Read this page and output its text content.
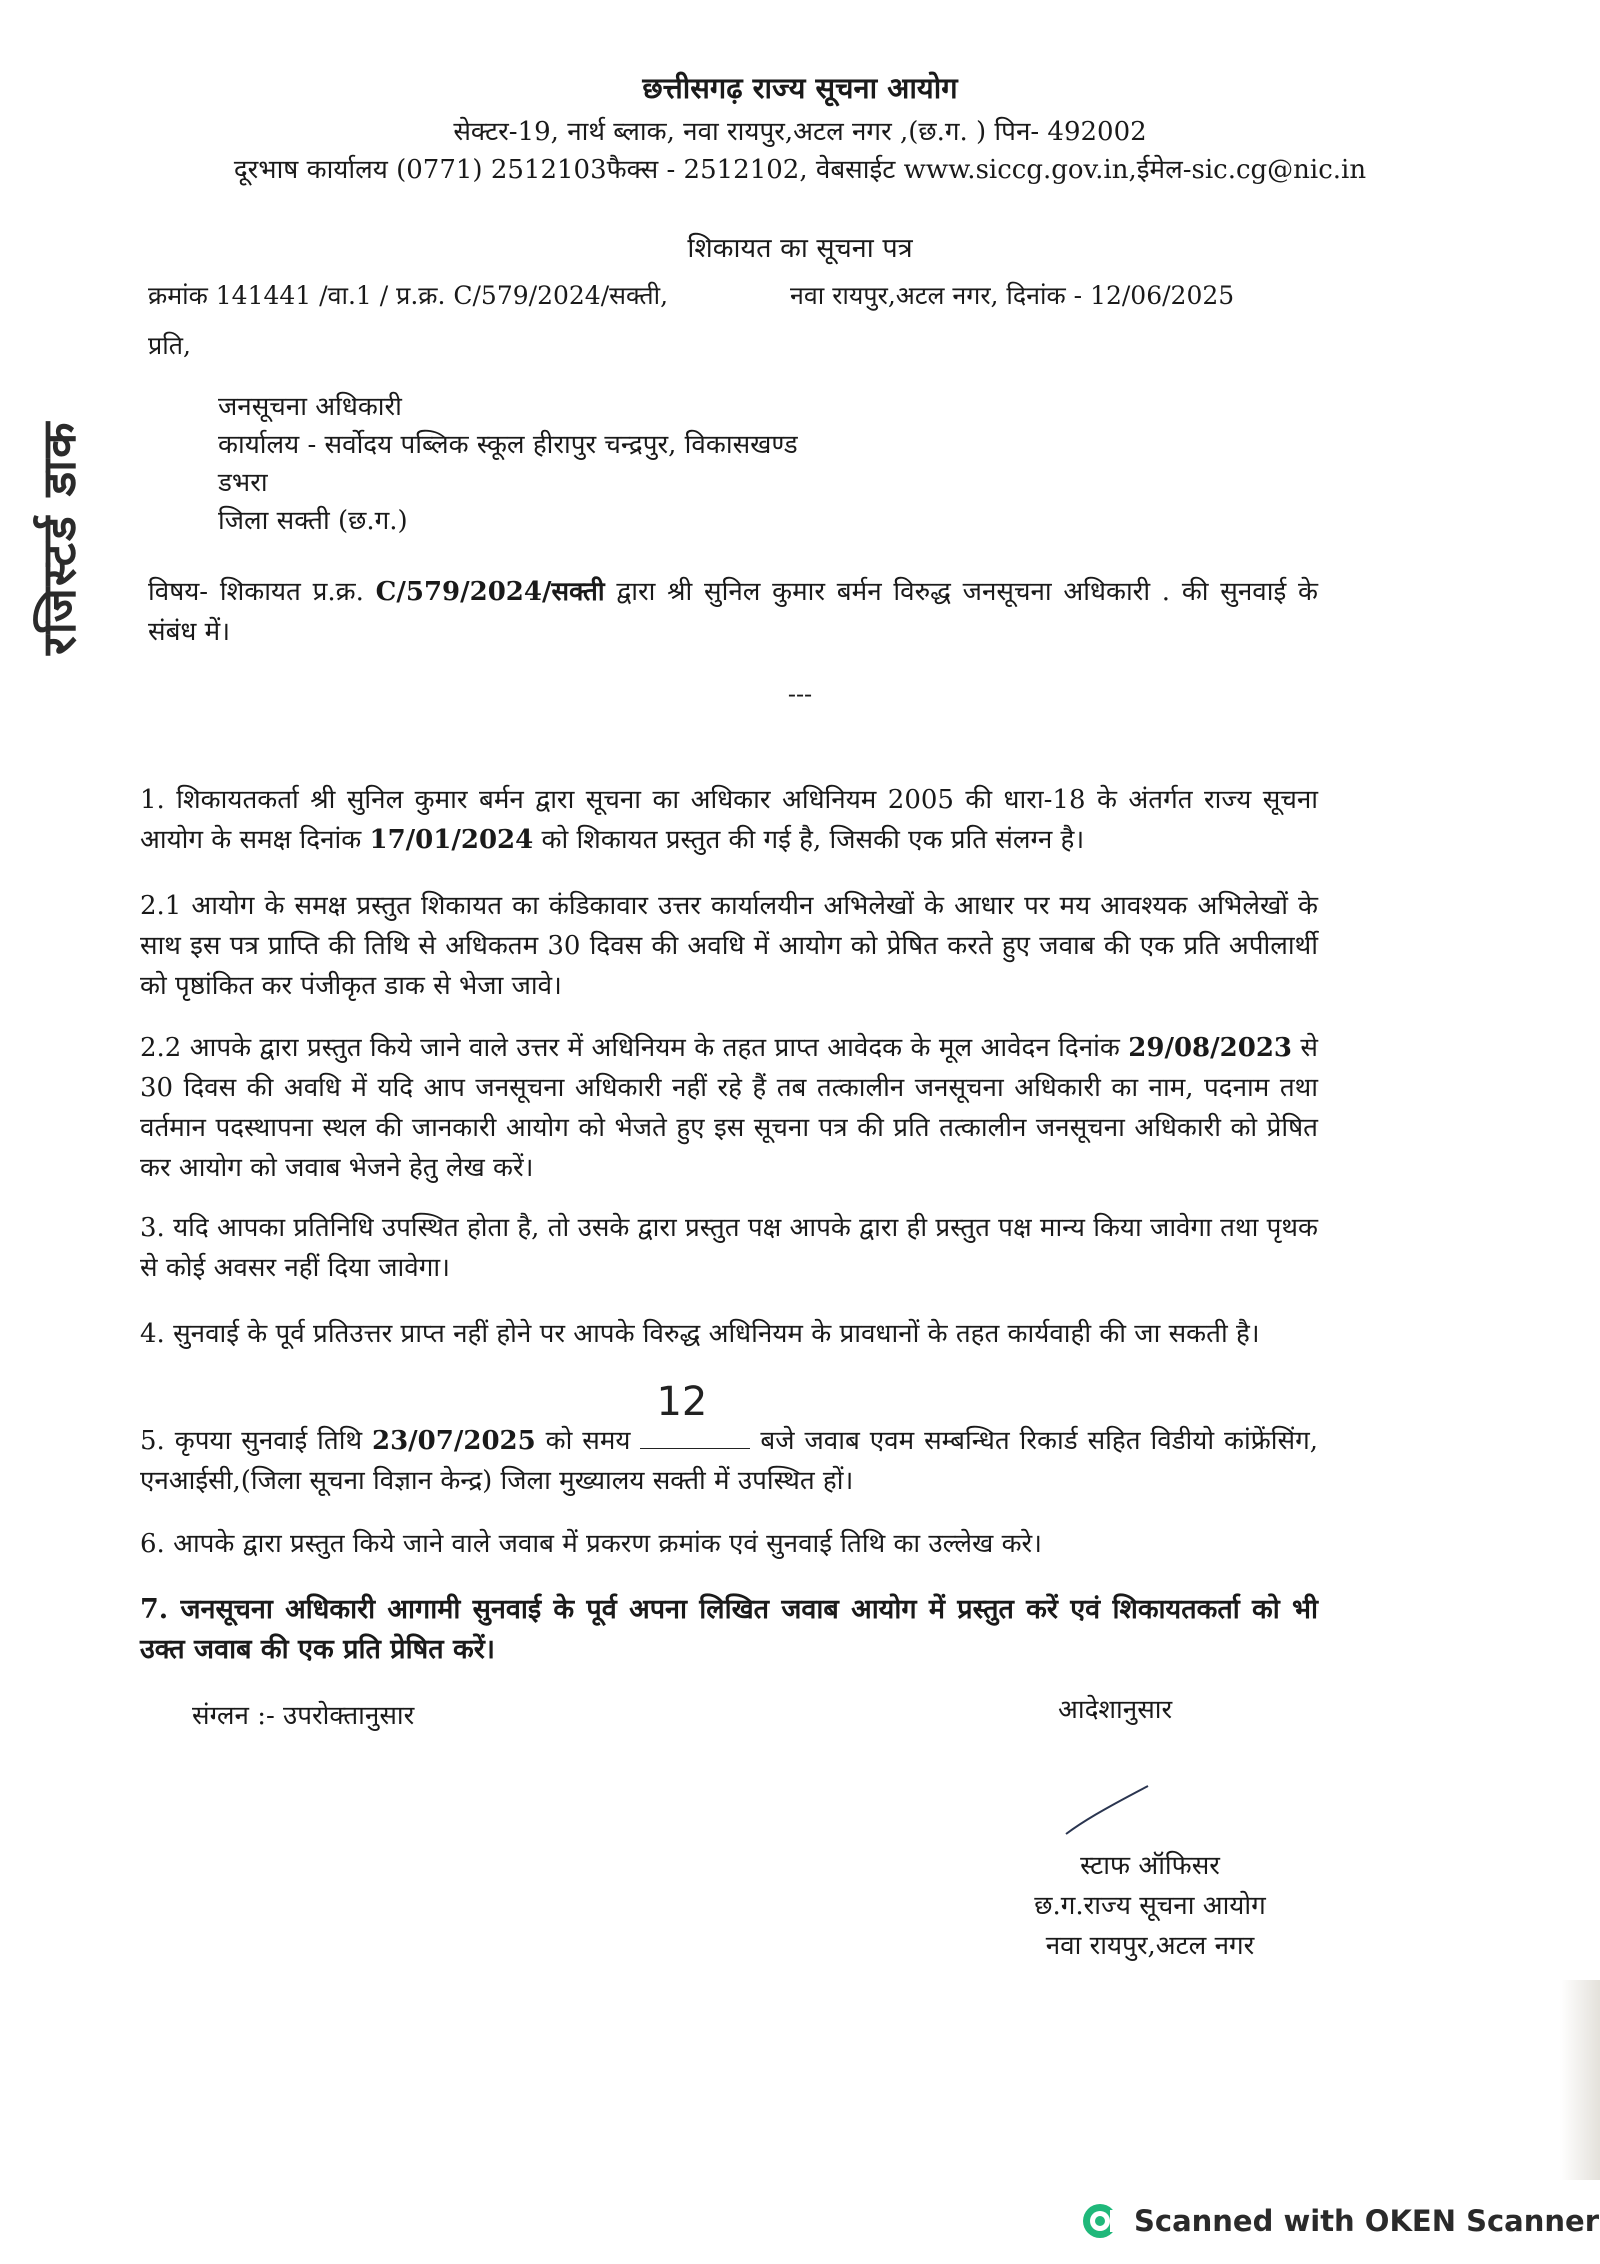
छत्तीसगढ़ राज्य सूचना आयोग
सेक्टर-19, नार्थ ब्लाक, नवा रायपुर,अटल नगर ,(छ.ग. ) पिन- 492002
दूरभाष कार्यालय (0771) 2512103फैक्स - 2512102, वेबसाईट www.siccg.gov.in,ईमेल-sic.cg@nic.in
शिकायत का सूचना पत्र
क्रमांक 141441 /वा.1 / प्र.क्र. C/579/2024/सक्ती,	नवा रायपुर,अटल नगर, दिनांक - 12/06/2025
प्रति,
जनसूचना अधिकारी
कार्यालय - सर्वोदय पब्लिक स्कूल हीरापुर चन्द्रपुर, विकासखण्ड
डभरा
जिला सक्ती (छ.ग.)
रजिस्टर्ड डाक	विषय- शिकायत प्र.क्र. C/579/2024/सक्ती द्वारा श्री सुनिल कुमार बर्मन विरुद्ध जनसूचना अधिकारी . की सुनवाई के संबंध में।
---
1. शिकायतकर्ता श्री सुनिल कुमार बर्मन द्वारा सूचना का अधिकार अधिनियम 2005 की धारा-18 के अंतर्गत राज्य सूचना आयोग के समक्ष दिनांक 17/01/2024 को शिकायत प्रस्तुत की गई है, जिसकी एक प्रति संलग्न है।
2.1 आयोग के समक्ष प्रस्तुत शिकायत का कंडिकावार उत्तर कार्यालयीन अभिलेखों के आधार पर मय आवश्यक अभिलेखों के साथ इस पत्र प्राप्ति की तिथि से अधिकतम 30 दिवस की अवधि में आयोग को प्रेषित करते हुए जवाब की एक प्रति अपीलार्थी को पृष्ठांकित कर पंजीकृत डाक से भेजा जावे।
2.2 आपके द्वारा प्रस्तुत किये जाने वाले उत्तर में अधिनियम के तहत प्राप्त आवेदक के मूल आवेदन दिनांक 29/08/2023 से 30 दिवस की अवधि में यदि आप जनसूचना अधिकारी नहीं रहे हैं तब तत्कालीन जनसूचना अधिकारी का नाम, पदनाम तथा वर्तमान पदस्थापना स्थल की जानकारी आयोग को भेजते हुए इस सूचना पत्र की प्रति तत्कालीन जनसूचना अधिकारी को प्रेषित कर आयोग को जवाब भेजने हेतु लेख करें।
3. यदि आपका प्रतिनिधि उपस्थित होता है, तो उसके द्वारा प्रस्तुत पक्ष आपके द्वारा ही प्रस्तुत पक्ष मान्य किया जावेगा तथा पृथक से कोई अवसर नहीं दिया जावेगा।
4. सुनवाई के पूर्व प्रतिउत्तर प्राप्त नहीं होने पर आपके विरुद्ध अधिनियम के प्रावधानों के तहत कार्यवाही की जा सकती है।
5. कृपया सुनवाई तिथि 23/07/2025 को समय
12
बजे जवाब एवम सम्बन्धित रिकार्ड सहित विडीयो कांफ्रेंसिंग, एनआईसी,(जिला सूचना विज्ञान केन्द्र) जिला मुख्यालय सक्ती में उपस्थित हों।
6. आपके द्वारा प्रस्तुत किये जाने वाले जवाब में प्रकरण क्रमांक एवं सुनवाई तिथि का उल्लेख करे।
7. जनसूचना अधिकारी आगामी सुनवाई के पूर्व अपना लिखित जवाब आयोग में प्रस्तुत करें एवं शिकायतकर्ता को भी उक्त जवाब की एक प्रति प्रेषित करें।
संग्लन :- उपरोक्तानुसार	आदेशानुसार
स्टाफ ऑफिसर
छ.ग.राज्य सूचना आयोग
नवा रायपुर,अटल नगर
Scanned with OKEN Scanner
